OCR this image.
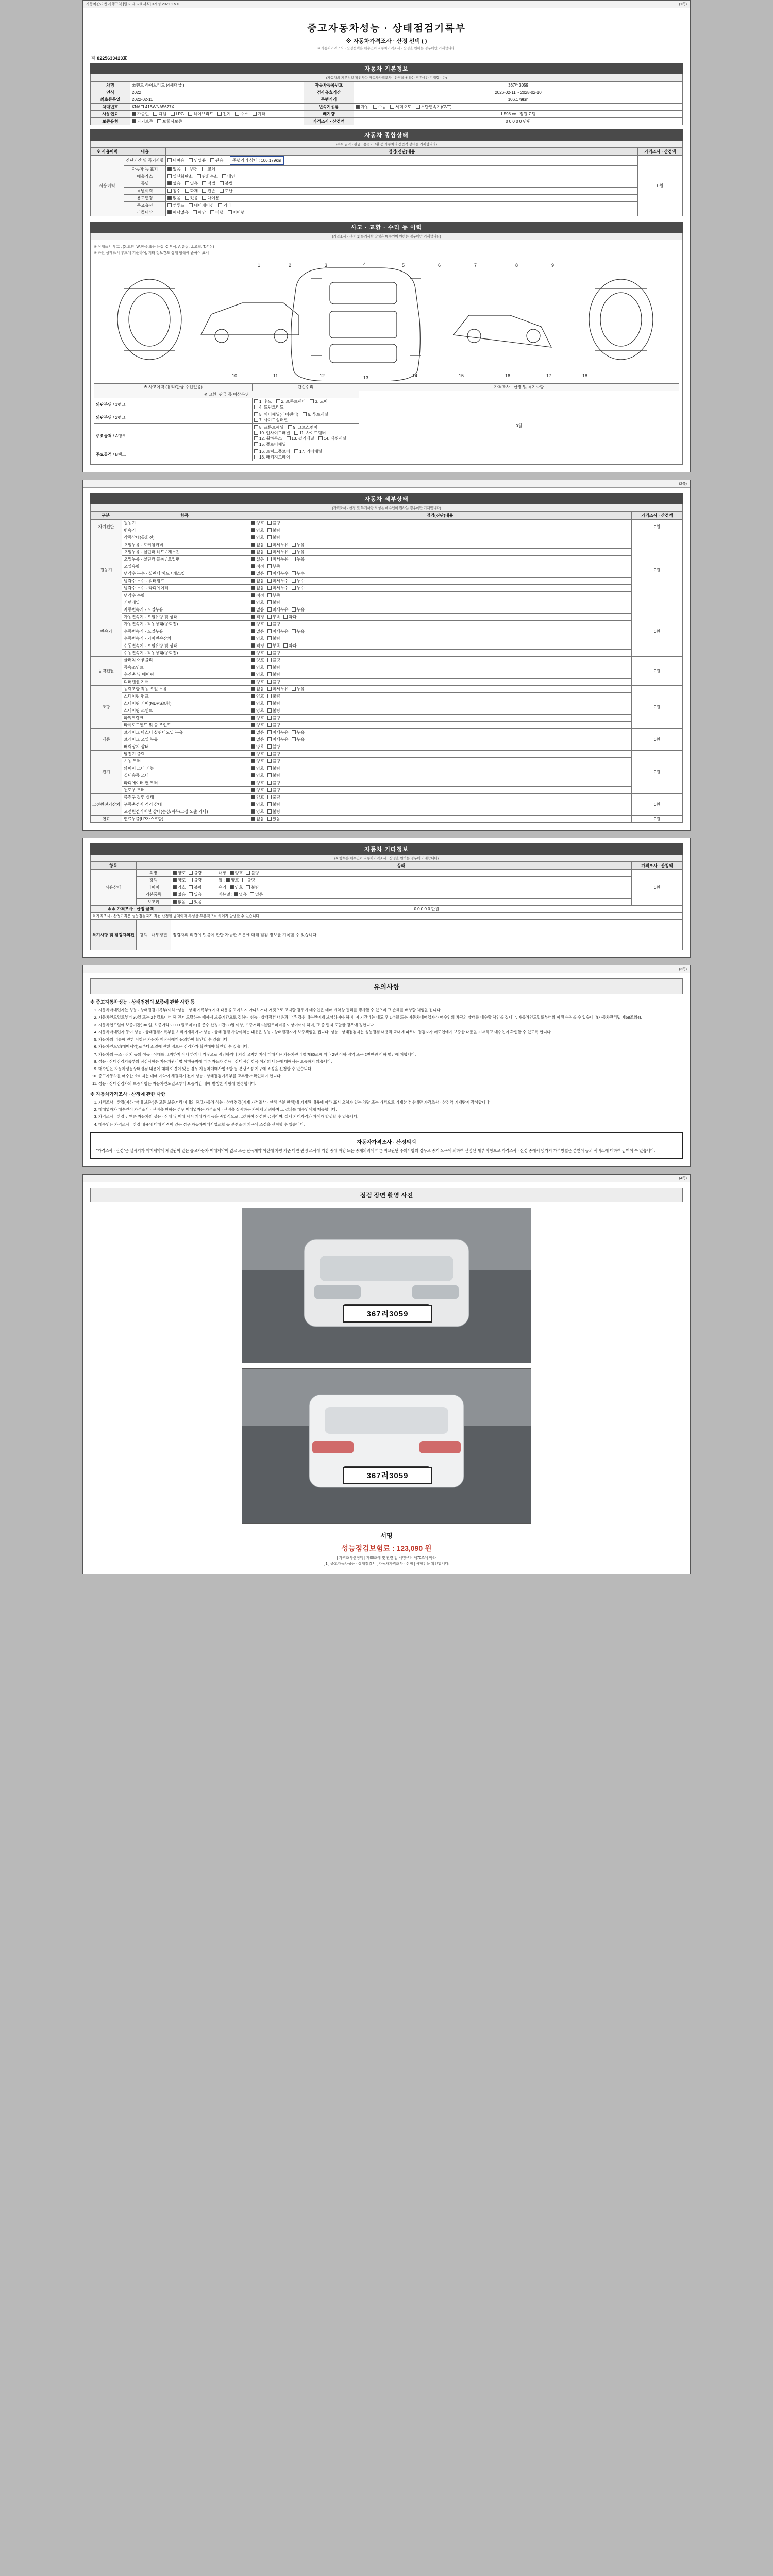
자동차관리법 시행규칙 [별지 제82호서식] <개정 2021.1.5.>	(1쪽)
중고자동차성능 · 상태점검기록부
※ 자동차가격조사 · 산정 선택 ( )
※ 자동차가격조사 · 산정선택은 매수인이 자동차가격조사 · 산정을 원하는 경우에만 기재합니다.
제 8225633423호
자동차 기본정보
(자동차의 기본정보 확인사항 자동차가격조사 · 산정을 원하는 경우에만 기재합니다)
차명	쏘렌토 하이브리드 (4세대급 )	자동차등록번호	367러3059
연식	2022	검사유효기간	2026-02-11 ~ 2028-02-10
최초등록일	2022-02-11	주행거리	106,179km
차대번호	KNAFL41BWNA5677X	변속기종류	자동 수동 세미오토 무단변속기(CVT)
사용연료	가솔린 디젤 LPG 하이브리드 전기 수소 기타	배기량	1,598 cc 정원 7 명
보증유형	자기보증 보험사보증	가격조사 · 산정액	0 0 0 0 0 만원
자동차 종합상태
(주요 골격 · 판금 · 용접 · 교환 등 자동차의 전반적 상태를 기재합니다)
※ 사용이력	내용	점검(진단)내용	가격조사 · 산정액
사용이력	진단기간 및 특기사항	대여용 영업용 관용 주행거리 상태 : 106,179km	0원
	자동차 등 표기	없음 변경 교체	
	배출가스	일산화탄소 탄화수소 매연	
	튜닝	없음 있음 적법 불법	
	특별이력	침수 화재 전손 도난	
	용도변경	없음 있음 대여용	
	주요옵션	썬루프 내비게이션 기타	
	리콜대상	해당없음 해당 이행 미이행	
사고 · 교환 · 수리 등 이력
(가격조사 · 산정 및 특기사항 작성은 매수인이 원하는 경우에만 기재합니다)
※ 상태표시 부호 : (X:교환, W:판금 또는 용접, C:부식, A:흠집, U:요철, T:손상)
※ 하단 상태표시 부호에 기준하여, 기타 정보칸도 상태 항목에 준하여 표시
1	2	3	4	5	6	7	8	9
10	11	12	13	14	15	16	17	18
※ 사고이력 (유리/판금 수입없음)	단순수리	가격조사 · 산정 및 특기사항
※ 교환, 판금 등 이상부위		0원
외판부위 / 1랭크	1. 후드 2. 프론트팬더 3. 도어 4. 트렁크리드	
외판부위 / 2랭크	5. 쿼터패널(리어팬더) 6. 루프패널 7. 사이드실패널	
주요골격 / A랭크	8. 프론트패널 9. 크로스멤버 10. 인사이드패널 11. 사이드멤버 12. 휠하우스 13. 필러패널 14. 대쉬패널 15. 플로어패널	
주요골격 / B랭크	16. 트렁크플로어 17. 리어패널 18. 패키지트레이	

(2쪽)
자동차 세부상태
(가격조사 · 산정 및 특기사항 작성은 매수인이 원하는 경우에만 기재합니다)
구분	항목	점검(진단)내용	가격조사 · 산정액
자기진단	원동기	양호 불량	0원
	변속기	양호 불량	
원동기	작동상태(공회전)	양호 불량	0원
	오일누유 - 로커암커버	없음 미세누유 누유	
	오일누유 - 실린더 헤드 / 개스킷	없음 미세누유 누유	
	오일누유 - 실린더 블록 / 오일팬	없음 미세누유 누유	
	오일유량	적정 부족	
	냉각수 누수 - 실린더 헤드 / 개스킷	없음 미세누수 누수	
	냉각수 누수 - 워터펌프	없음 미세누수 누수	
	냉각수 누수 - 라디에이터	없음 미세누수 누수	
	냉각수 수량	적정 부족	
	커먼레일	양호 불량	
변속기	자동변속기 - 오일누유	없음 미세누유 누유	0원
	자동변속기 - 오일유량 및 상태	적정 부족 과다	
	자동변속기 - 작동상태(공회전)	양호 불량	
	수동변속기 - 오일누유	없음 미세누유 누유	
	수동변속기 - 기어변속장치	양호 불량	
	수동변속기 - 오일유량 및 상태	적정 부족 과다	
	수동변속기 - 작동상태(공회전)	양호 불량	
동력전달	클러치 어셈블리	양호 불량	0원
	등속조인트	양호 불량	
	추진축 및 베어링	양호 불량	
	디퍼렌셜 기어	양호 불량	
조향	동력조향 작동 오일 누유	없음 미세누유 누유	0원
	스티어링 펌프	양호 불량	
	스티어링 기어(MDPS포함)	양호 불량	
	스티어링 조인트	양호 불량	
	파워크랭크	양호 불량	
	타이로드엔드 및 볼 조인트	양호 불량	
제동	브레이크 마스터 실린더오일 누유	없음 미세누유 누유	0원
	브레이크 오일 누유	없음 미세누유 누유	
	배력장치 상태	양호 불량	
전기	발전기 출력	양호 불량	0원
	시동 모터	양호 불량	
	와이퍼 모터 기능	양호 불량	
	실내송풍 모터	양호 불량	
	라디에이터 팬 모터	양호 불량	
	윈도우 모터	양호 불량	
고전원전기장치	충전구 절연 상태	양호 불량	0원
	구동축전지 격리 상태	양호 불량	
	고전원전기배선 상태(손상/피복/고정 노출 기타)	양호 불량	
연료	연료누출(LP가스포함)	없음 있음	0원
자동차 기타정보
(※ 항목은 매수인이 자동차가격조사 · 산정을 원하는 경우에 기재합니다)
항목		상태	가격조사 · 산정액
사용상태	외장	양호 불량 내장 : 양호 불량	0원
	광택	양호 불량 휠 : 양호 불량	
	타이어	양호 불량 유리 : 양호 불량	
	기본품목	없음 있음 매뉴얼 : 없음 있음	
	보조키	없음 있음	
＊＊ 가격조사 · 산정 금액		0 0 0 0 0 만원	
※ 가격조사 · 산정가격은 성능점검자가 직접 산정한 금액이며 특성상 부분적으로 차이가 발생할 수 있습니다.			
특기사항 및 점검자의견	광택 · 내부정결	점검자의 의견에 덧붙여 판단 가능한 부분에 대해 점검 정보를 기록할 수 있습니다.	

(3쪽)
유의사항
※ 중고자동차성능 · 상태점검의 보증에 관한 사항 등
1. 자동차매매업자는 성능 · 상태점검기록부(이하 "성능 · 상태 기록부") 기재 내용을 고지하지 아니하거나 거짓으로 고지할 경우에 매수인은 매매 계약상 권리를 행사할 수 있으며 그 손해를 배상할 책임을 집니다.
2. 자동차인도일로부터 30일 또는 2천킬로미터 중 먼저 도달하는 때까지 보증기간으로 정하여 성능 · 상태점검 내용과 다른 경우 매수인에게 보상하여야 하며, 이 기간에는 매도 후 1개월 또는 자동차매매업자가 매수인의 차량의 상태를 매수할 책임을 집니다. 자동차인도일로부터의 이행 수칙을 수 있습니다(자동차관리법 제58조의4).
3. 자동차인도일에 보증기간( 30 일, 보증거리 2,000 킬로미터)를 준수 산정기간 30일 이상, 보증거리 2천킬로미터를 이상이어야 하며, 그 중 먼저 도달한 경우에 정합니다.
4. 자동차매매업자 등이 성능 · 상태점검기록부를 허위기재하거나 성능 · 상태 점검 사항이외는 내용은 성능 · 상태점검자가 보증책임을 집니다. 성능 · 상태점검자는 성능점검 내용과 교내에 따르며 점검자가 매도인에게 보증한 내용을 기재하고 매수인이 확인할 수 있도록 합니다.
5. 자동차의 리콜에 관한 사항은 자동차 제작사에게 문의하여 확인할 수 있습니다.
6. 자동차인도일(매매계약)로부터 소멸에 관한 정보는 점검자가 확인해야 확인할 수 있습니다.
7. 자동차의 구조 · 장치 등의 성능 · 상태를 고지하지 아니 하거나 거짓으로 점검하거나 거짓 고지한 자에 대해서는 자동차관리법 제80조에 따라 2년 이하 징역 또는 2천만원 이하 벌금에 처합니다.
8. 성능 · 상태점검기록부의 점검사항은 자동차관리법 시행규칙에 따른 자동차 성능 · 상태점검 항목 이외의 내용에 대해서는 보증하지 않습니다.
9. 매수인은 자동차성능상태점검 내용에 대해 이견이 있는 경우 자동차매매사업조합 등 분쟁조정 기구에 조정을 신청할 수 있습니다.
10. 중고자동차를 매수한 소비자는 매매 계약이 체결되기 전에 성능 · 상태점검기록부를 교부받아 확인해야 합니다.
11. 성능 · 상태점검자의 보증사항은 자동차인도일로부터 보증기간 내에 발생한 사항에 한정합니다.
※ 자동차가격조사 · 산정에 관한 사항
1. 가격조사 · 산정(이하 "매매 보증")은 모든 보증거리 이내의 중고자동차 성능 · 상태점검(에게 가격조사 · 산정 부분 한정)에 기재된 내용에 따라 표시 요청가 있는 차량 또는 가격으로 기재한 경우에만 가격조사 · 산정액 기재란에 작성합니다.
2. 매매업자가 매수인이 가격조사 · 산정을 원하는 경우 매매업자는 가격조사 · 산정을 실시하는 자에게 의뢰하며 그 결과를 매수인에게 제공합니다.
3. 가격조사 · 산정 금액은 자동차의 성능 · 상태 및 매매 당시 거래가격 등을 종합적으로 고려하여 산정한 금액이며, 실제 거래가격과 차이가 발생할 수 있습니다.
4. 매수인은 가격조사 · 산정 내용에 대해 이견이 있는 경우 자동차매매사업조합 등 분쟁조정 기구에 조정을 신청할 수 있습니다.
자동차가격조사 · 산정의뢰
"가격조사 · 산정"은 실시기가 매매계약에 체결됨이 있는 중고자동차 매매계약이 없고 또는 단독계약 이전에 차량 기존 다만 판정 조사에 기간 중에 해당 또는 중개의뢰에 따른 비교판단 주의사항의 경우로 중개 요구에 의하여 산정된 세부 사항으로 가격조사 · 산정 중에서 몇가지 가격방법은 본인이 동의 서비스에 대하여 금액이 수 있습니다.

(4쪽)
점검 장면 촬영 사진
367러3059
367러3059
서명
성능점검보험료 : 123,090 원
[ 가격조사산정액 ] 제00조에 및 관련 법 시행규칙 제70조에 따라
[ 1 ] 중고자동차성능 · 상태점검서 [ 자동차가격조사 · 산정 ] 사항검을 확인합니다.
